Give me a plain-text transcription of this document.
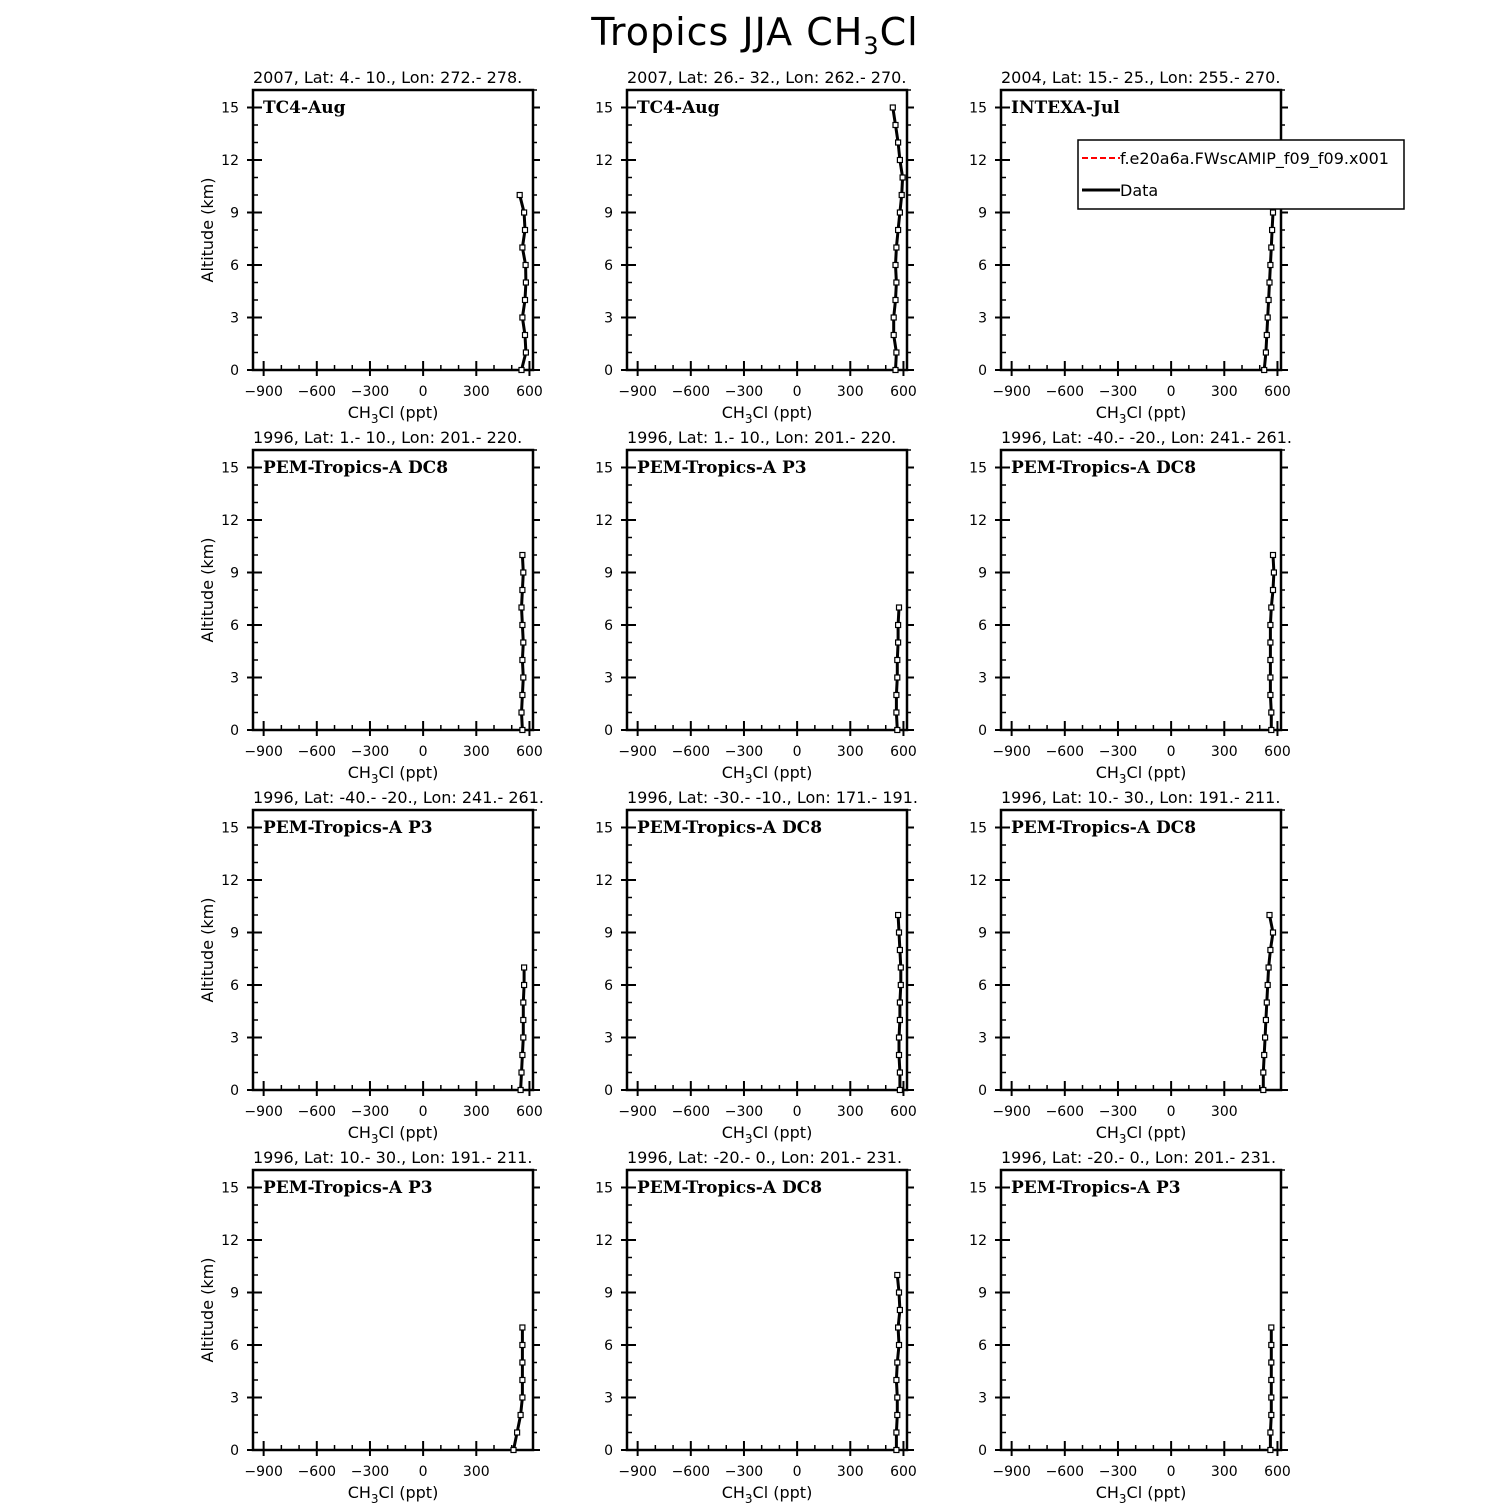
Tropics JJA $CH_3Cl$
2007, Lat: 4.- 10., Lon: 272.- 278.
0
3
6
9
12
15
−900 −600 −300 0	300 600
$CH_3Cl$ (ppt)
Altitude (km)
TC4-Aug
2007, Lat: 26.- 32., Lon: 262.- 270.
0
3
6
9
12
15
−900 −600 −300 0	300 600
$CH_3Cl$ (ppt)
TC4-Aug
2004, Lat: 15.- 25., Lon: 255.- 270.
0
3
6
9
12
15
−900 −600 −300 0	300 600
$CH_3Cl$ (ppt)
INTEXA-Jul
1996, Lat: 1.- 10., Lon: 201.- 220.
0
3
6
9
12
15
−900 −600 −300 0	300 600
$CH_3Cl$ (ppt)
Altitude (km)
PEM-Tropics-A DC8
1996, Lat: 1.- 10., Lon: 201.- 220.
0
3
6
9
12
15
−900 −600 −300 0	300 600
$CH_3Cl$ (ppt)
PEM-Tropics-A P3
1996, Lat: -40.- -20., Lon: 241.- 261.
0
3
6
9
12
15
−900 −600 −300 0	300 600
$CH_3Cl$ (ppt)
PEM-Tropics-A DC8
1996, Lat: -40.- -20., Lon: 241.- 261.
0
3
6
9
12
15
−900 −600 −300 0	300 600
$CH_3Cl$ (ppt)
Altitude (km)
PEM-Tropics-A P3
1996, Lat: -30.- -10., Lon: 171.- 191.
0
3
6
9
12
15
−900 −600 −300 0	300 600
$CH_3Cl$ (ppt)
PEM-Tropics-A DC8
1996, Lat: 10.- 30., Lon: 191.- 211.
0
3
6
9
12
15
−900 −600 −300 0	300
$CH_3Cl$ (ppt)
PEM-Tropics-A DC8
1996, Lat: 10.- 30., Lon: 191.- 211.
0
3
6
9
12
15
−900 −600 −300 0	300
$CH_3Cl$ (ppt)
Altitude (km)
PEM-Tropics-A P3
1996, Lat: -20.- 0., Lon: 201.- 231.
0
3
6
9
12
15
−900 −600 −300 0	300 600
$CH_3Cl$ (ppt)
PEM-Tropics-A DC8
1996, Lat: -20.- 0., Lon: 201.- 231.
0
3
6
9
12
15
−900 −600 −300 0	300 600
$CH_3Cl$ (ppt)
PEM-Tropics-A P3
f.e20a6a.FWscAMIP_f09_f09.x001
Data
